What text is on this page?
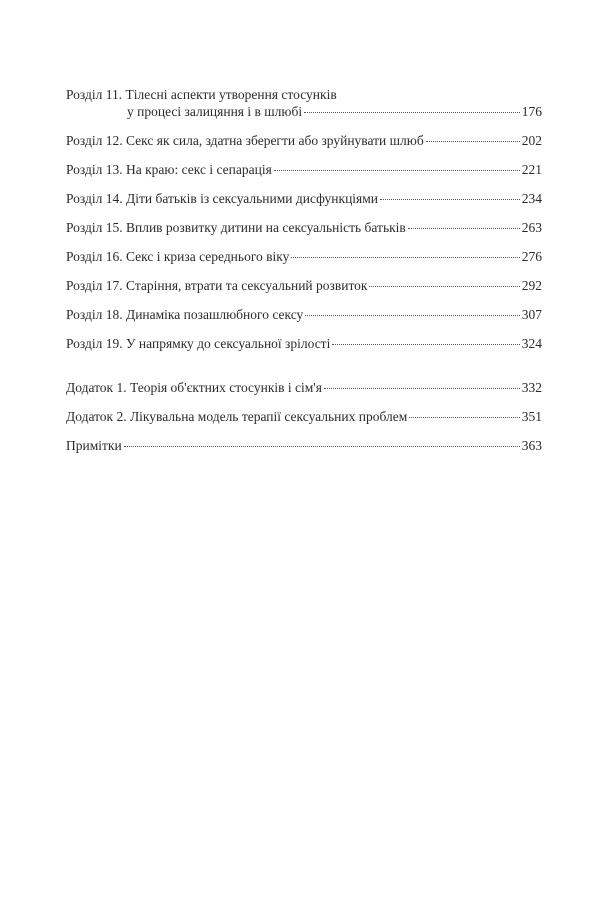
Розділ 11. Тілесні аспекти утворення стосунків
у процесі залицяння і в шлюбі	176
Розділ 12. Секс як сила, здатна зберегти або зруйнувати шлюб	202
Розділ 13. На краю: секс і сепарація	221
Розділ 14. Діти батьків із сексуальними дисфункціями	234
Розділ 15. Вплив розвитку дитини на сексуальність батьків	263
Розділ 16. Секс і криза середнього віку	276
Розділ 17. Старіння, втрати та сексуальний розвиток	292
Розділ 18. Динаміка позашлюбного сексу	307
Розділ 19. У напрямку до сексуальної зрілості	324
Додаток 1. Теорія об'єктних стосунків і сім'я	332
Додаток 2. Лікувальна модель терапії сексуальних проблем	351
Примітки	363
